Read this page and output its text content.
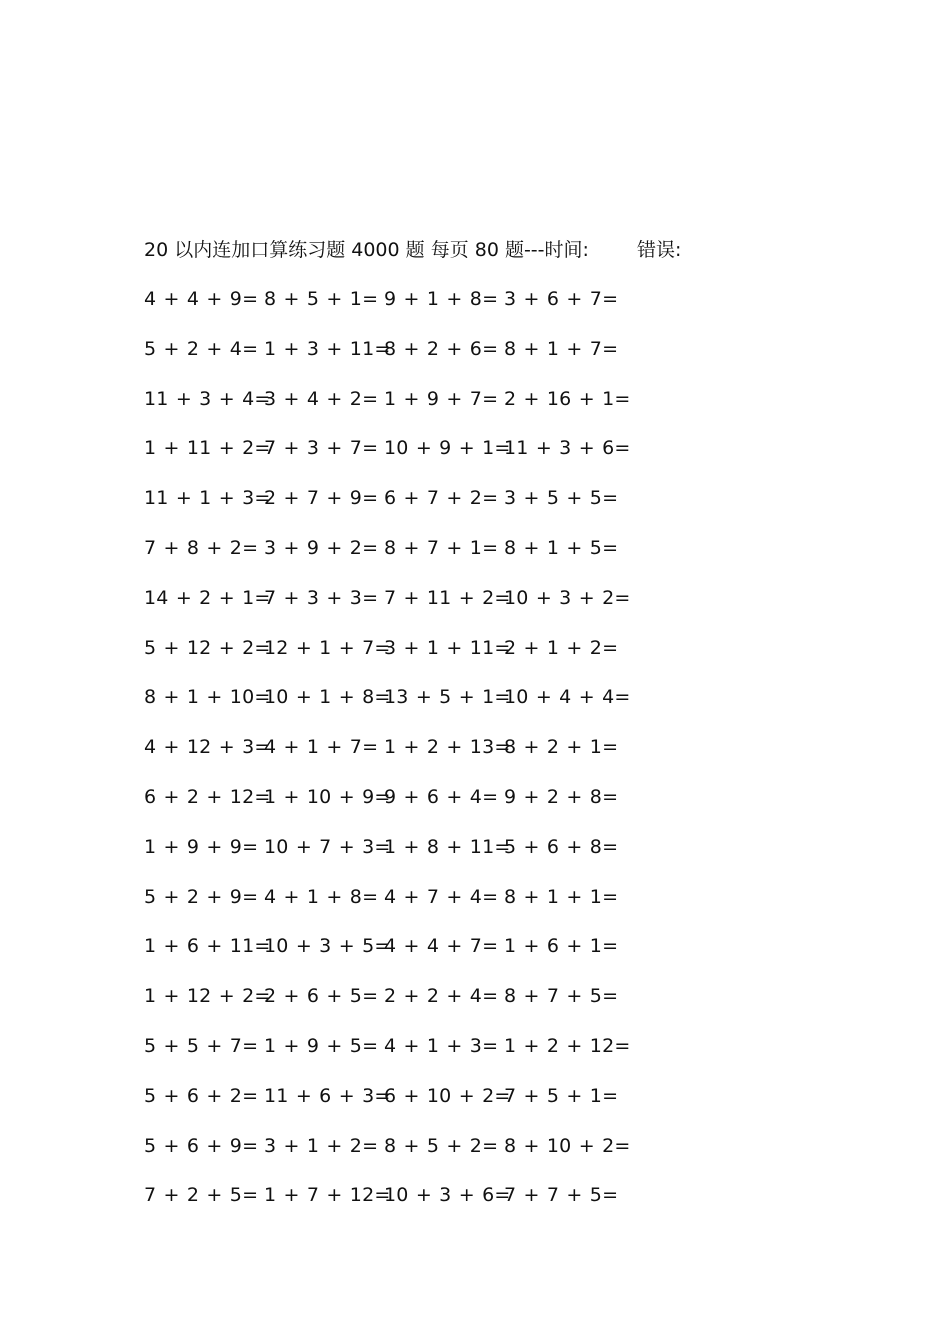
20 以内连加口算练习题 4000 题 每页 80 题---时间:	错误:
4 + 4 + 9= 8 + 5 + 1= 9 + 1 + 8= 3 + 6 + 7=
5 + 2 + 4= 1 + 3 + 11=
8 + 2 + 6= 8 + 1 + 7=
11 + 3 + 4=
3 + 4 + 2= 1 + 9 + 7= 2 + 16 + 1=
1 + 11 + 2=
7 + 3 + 7= 10 + 9 + 1=
11 + 3 + 6=
11 + 1 + 3=
2 + 7 + 9= 6 + 7 + 2= 3 + 5 + 5=
7 + 8 + 2= 3 + 9 + 2= 8 + 7 + 1= 8 + 1 + 5=
14 + 2 + 1=
7 + 3 + 3= 7 + 11 + 2=
10 + 3 + 2=
5 + 12 + 2=
12 + 1 + 7=
3 + 1 + 11=
2 + 1 + 2=
8 + 1 + 10=
10 + 1 + 8=
13 + 5 + 1=
10 + 4 + 4=
4 + 12 + 3=
4 + 1 + 7= 1 + 2 + 13=
8 + 2 + 1=
6 + 2 + 12=
1 + 10 + 9=
9 + 6 + 4= 9 + 2 + 8=
1 + 9 + 9= 10 + 7 + 3=
1 + 8 + 11=
5 + 6 + 8=
5 + 2 + 9= 4 + 1 + 8= 4 + 7 + 4= 8 + 1 + 1=
1 + 6 + 11=
10 + 3 + 5=
4 + 4 + 7= 1 + 6 + 1=
1 + 12 + 2=
2 + 6 + 5= 2 + 2 + 4= 8 + 7 + 5=
5 + 5 + 7= 1 + 9 + 5= 4 + 1 + 3= 1 + 2 + 12=
5 + 6 + 2= 11 + 6 + 3=
6 + 10 + 2=
7 + 5 + 1=
5 + 6 + 9= 3 + 1 + 2= 8 + 5 + 2= 8 + 10 + 2=
7 + 2 + 5= 1 + 7 + 12=
10 + 3 + 6=
7 + 7 + 5=
